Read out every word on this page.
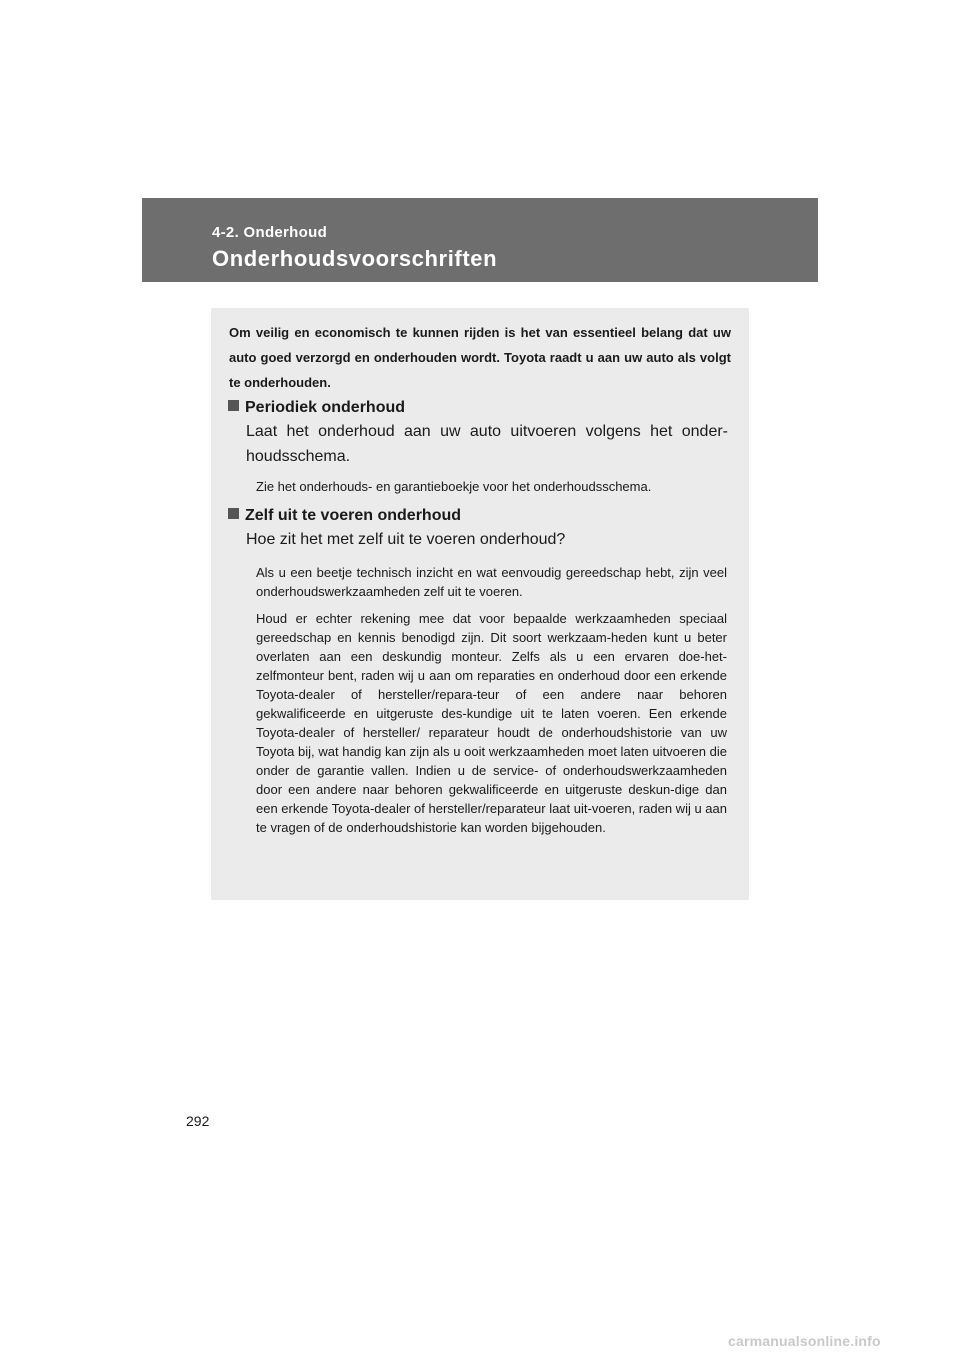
4-2. Onderhoud
Onderhoudsvoorschriften

Om veilig en economisch te kunnen rijden is het van essentieel belang dat uw auto goed verzorgd en onderhouden wordt. Toyota raadt u aan uw auto als volgt te onderhouden.

Periodiek onderhoud

Laat het onderhoud aan uw auto uitvoeren volgens het onder-houdsschema.

Zie het onderhouds- en garantieboekje voor het onderhoudsschema.

Zelf uit te voeren onderhoud

Hoe zit het met zelf uit te voeren onderhoud?

Als u een beetje technisch inzicht en wat eenvoudig gereedschap hebt, zijn veel onderhoudswerkzaamheden zelf uit te voeren.

Houd er echter rekening mee dat voor bepaalde werkzaamheden speciaal gereedschap en kennis benodigd zijn. Dit soort werkzaam-heden kunt u beter overlaten aan een deskundig monteur. Zelfs als u een ervaren doe-het-zelfmonteur bent, raden wij u aan om reparaties en onderhoud door een erkende Toyota-dealer of hersteller/repara-teur of een andere naar behoren gekwalificeerde en uitgeruste des-kundige uit te laten voeren. Een erkende Toyota-dealer of hersteller/ reparateur houdt de onderhoudshistorie van uw Toyota bij, wat handig kan zijn als u ooit werkzaamheden moet laten uitvoeren die onder de garantie vallen. Indien u de service- of onderhoudswerkzaamheden door een andere naar behoren gekwalificeerde en uitgeruste deskun-dige dan een erkende Toyota-dealer of hersteller/reparateur laat uit-voeren, raden wij u aan te vragen of de onderhoudshistorie kan worden bijgehouden.

292
carmanualsonline.info
